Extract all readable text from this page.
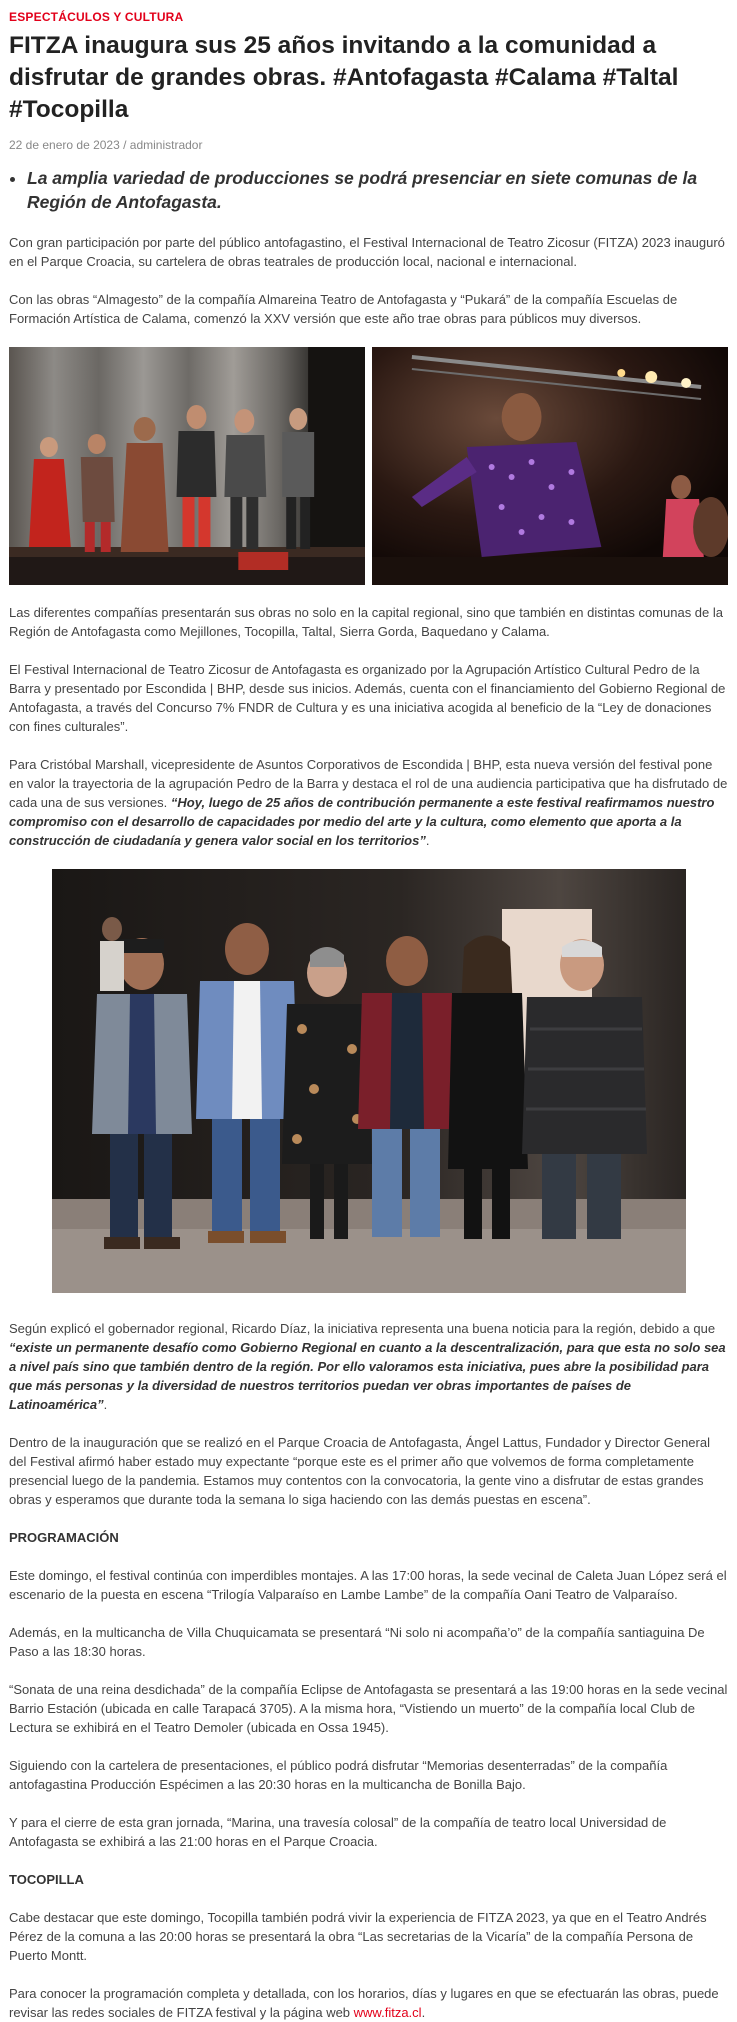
ESPECTÁCULOS Y CULTURA
FITZA inaugura sus 25 años invitando a la comunidad a disfrutar de grandes obras. #Antofagasta #Calama #Taltal #Tocopilla
22 de enero de 2023 / administrador
• La amplia variedad de producciones se podrá presenciar en siete comunas de la Región de Antofagasta.

Con gran participación por parte del público antofagastino, el Festival Internacional de Teatro Zicosur (FITZA) 2023 inauguró en el Parque Croacia, su cartelera de obras teatrales de producción local, nacional e internacional.

Con las obras “Almagesto” de la compañía Almareina Teatro de Antofagasta y “Pukará” de la compañía Escuelas de Formación Artística de Calama, comenzó la XXV versión que este año trae obras para públicos muy diversos.

Las diferentes compañías presentarán sus obras no solo en la capital regional, sino que también en distintas comunas de la Región de Antofagasta como Mejillones, Tocopilla, Taltal, Sierra Gorda, Baquedano y Calama.

El Festival Internacional de Teatro Zicosur de Antofagasta es organizado por la Agrupación Artístico Cultural Pedro de la Barra y presentado por Escondida | BHP, desde sus inicios. Además, cuenta con el financiamiento del Gobierno Regional de Antofagasta, a través del Concurso 7% FNDR de Cultura y es una iniciativa acogida al beneficio de la “Ley de donaciones con fines culturales”.

Para Cristóbal Marshall, vicepresidente de Asuntos Corporativos de Escondida | BHP, esta nueva versión del festival pone en valor la trayectoria de la agrupación Pedro de la Barra y destaca el rol de una audiencia participativa que ha disfrutado de cada una de sus versiones. “Hoy, luego de 25 años de contribución permanente a este festival reafirmamos nuestro compromiso con el desarrollo de capacidades por medio del arte y la cultura, como elemento que aporta a la construcción de ciudadanía y genera valor social en los territorios”.

Según explicó el gobernador regional, Ricardo Díaz, la iniciativa representa una buena noticia para la región, debido a que “existe un permanente desafío como Gobierno Regional en cuanto a la descentralización, para que esta no solo sea a nivel país sino que también dentro de la región. Por ello valoramos esta iniciativa, pues abre la posibilidad para que más personas y la diversidad de nuestros territorios puedan ver obras importantes de países de Latinoamérica”.

Dentro de la inauguración que se realizó en el Parque Croacia de Antofagasta, Ángel Lattus, Fundador y Director General del Festival afirmó haber estado muy expectante “porque este es el primer año que volvemos de forma completamente presencial luego de la pandemia. Estamos muy contentos con la convocatoria, la gente vino a disfrutar de estas grandes obras y esperamos que durante toda la semana lo siga haciendo con las demás puestas en escena”.

PROGRAMACIÓN

Este domingo, el festival continúa con imperdibles montajes. A las 17:00 horas, la sede vecinal de Caleta Juan López será el escenario de la puesta en escena “Trilogía Valparaíso en Lambe Lambe” de la compañía Oani Teatro de Valparaíso.

Además, en la multicancha de Villa Chuquicamata se presentará “Ni solo ni acompaña’o” de la compañía santiaguina De Paso a las 18:30 horas.

“Sonata de una reina desdichada” de la compañía Eclipse de Antofagasta se presentará a las 19:00 horas en la sede vecinal Barrio Estación (ubicada en calle Tarapacá 3705). A la misma hora, “Vistiendo un muerto” de la compañía local Club de Lectura se exhibirá en el Teatro Demoler (ubicada en Ossa 1945).

Siguiendo con la cartelera de presentaciones, el público podrá disfrutar “Memorias desenterradas” de la compañía antofagastina Producción Espécimen a las 20:30 horas en la multicancha de Bonilla Bajo.

Y para el cierre de esta gran jornada, “Marina, una travesía colosal” de la compañía de teatro local Universidad de Antofagasta se exhibirá a las 21:00 horas en el Parque Croacia.

TOCOPILLA

Cabe destacar que este domingo, Tocopilla también podrá vivir la experiencia de FITZA 2023, ya que en el Teatro Andrés Pérez de la comuna a las 20:00 horas se presentará la obra “Las secretarias de la Vicaría” de la compañía Persona de Puerto Montt.

Para conocer la programación completa y detallada, con los horarios, días y lugares en que se efectuarán las obras, puede revisar las redes sociales de FITZA festival y la página web www.fitza.cl.
